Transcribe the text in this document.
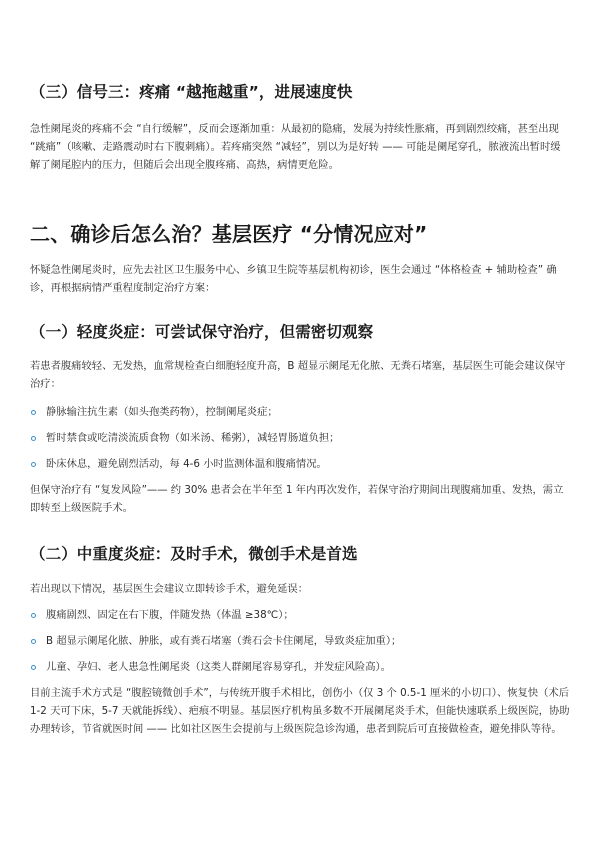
（三）信号三：疼痛 “越拖越重”，进展速度快

急性阑尾炎的疼痛不会 “自行缓解”，反而会逐渐加重：从最初的隐痛，发展为持续性胀痛，再到剧烈绞痛，甚至出现 “跳痛”（咳嗽、走路震动时右下腹刺痛）。若疼痛突然 “减轻”，别以为是好转 —— 可能是阑尾穿孔，脓液流出暂时缓解了阑尾腔内的压力，但随后会出现全腹疼痛、高热，病情更危险。

二、确诊后怎么治？基层医疗 “分情况应对”

怀疑急性阑尾炎时，应先去社区卫生服务中心、乡镇卫生院等基层机构初诊，医生会通过 “体格检查 + 辅助检查” 确诊，再根据病情严重程度制定治疗方案：

（一）轻度炎症：可尝试保守治疗，但需密切观察

若患者腹痛较轻、无发热，血常规检查白细胞轻度升高，B 超显示阑尾无化脓、无粪石堵塞，基层医生可能会建议保守治疗：

静脉输注抗生素（如头孢类药物），控制阑尾炎症；
暂时禁食或吃清淡流质食物（如米汤、稀粥），减轻胃肠道负担；
卧床休息，避免剧烈活动，每 4-6 小时监测体温和腹痛情况。

但保守治疗有 “复发风险”—— 约 30% 患者会在半年至 1 年内再次发作，若保守治疗期间出现腹痛加重、发热，需立即转至上级医院手术。

（二）中重度炎症：及时手术，微创手术是首选

若出现以下情况，基层医生会建议立即转诊手术，避免延误：

腹痛剧烈、固定在右下腹，伴随发热（体温 ≥38℃）；
B 超显示阑尾化脓、肿胀，或有粪石堵塞（粪石会卡住阑尾，导致炎症加重）；
儿童、孕妇、老人患急性阑尾炎（这类人群阑尾容易穿孔，并发症风险高）。

目前主流手术方式是 “腹腔镜微创手术”，与传统开腹手术相比，创伤小（仅 3 个 0.5-1 厘米的小切口）、恢复快（术后 1-2 天可下床，5-7 天就能拆线）、疤痕不明显。基层医疗机构虽多数不开展阑尾炎手术，但能快速联系上级医院，协助办理转诊，节省就医时间 —— 比如社区医生会提前与上级医院急诊沟通，患者到院后可直接做检查，避免排队等待。
